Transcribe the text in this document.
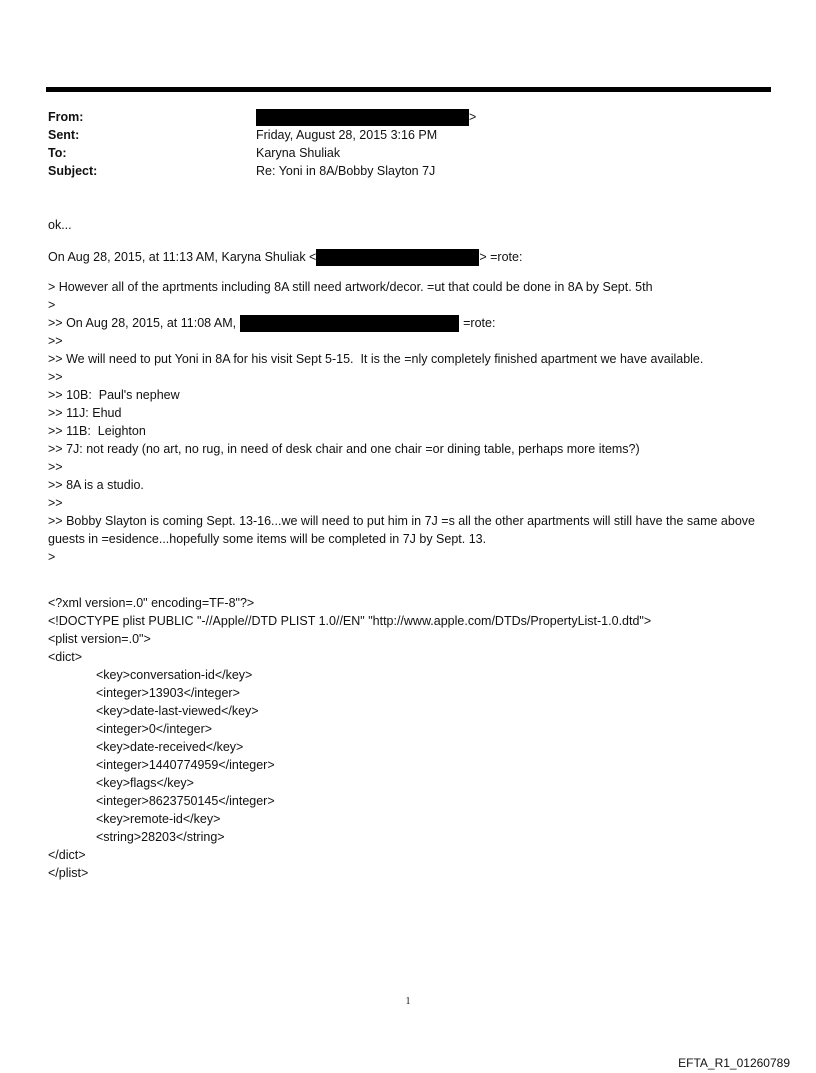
From:	>
Sent:	Friday, August 28, 2015 3:16 PM
To:	Karyna Shuliak
Subject:	Re: Yoni in 8A/Bobby Slayton 7J
ok...
On Aug 28, 2015, at 11:13 AM, Karyna Shuliak <	> =rote:
> However all of the aprtments including 8A still need artwork/decor. =ut that could be done in 8A by Sept. 5th
>
>> On Aug 28, 2015, at 11:08 AM,	=rote:
>>
>> We will need to put Yoni in 8A for his visit Sept 5-15.  It is the =nly completely finished apartment we have available.
>>
>> 10B:  Paul's nephew
>> 11J: Ehud
>> 11B:  Leighton
>> 7J: not ready (no art, no rug, in need of desk chair and one chair =or dining table, perhaps more items?)
>>
>> 8A is a studio.
>>
>> Bobby Slayton is coming Sept. 13-16...we will need to put him in 7J =s all the other apartments will still have the same above guests in =esidence...hopefully some items will be completed in 7J by Sept. 13.
>
<?xml version=.0" encoding=TF-8"?>
<!DOCTYPE plist PUBLIC "-//Apple//DTD PLIST 1.0//EN" "http://www.apple.com/DTDs/PropertyList-1.0.dtd">
<plist version=.0">
<dict>
<key>conversation-id</key>
<integer>13903</integer>
<key>date-last-viewed</key>
<integer>0</integer>
<key>date-received</key>
<integer>1440774959</integer>
<key>flags</key>
<integer>8623750145</integer>
<key>remote-id</key>
<string>28203</string>
</dict>
</plist>
1
EFTA_R1_01260789
